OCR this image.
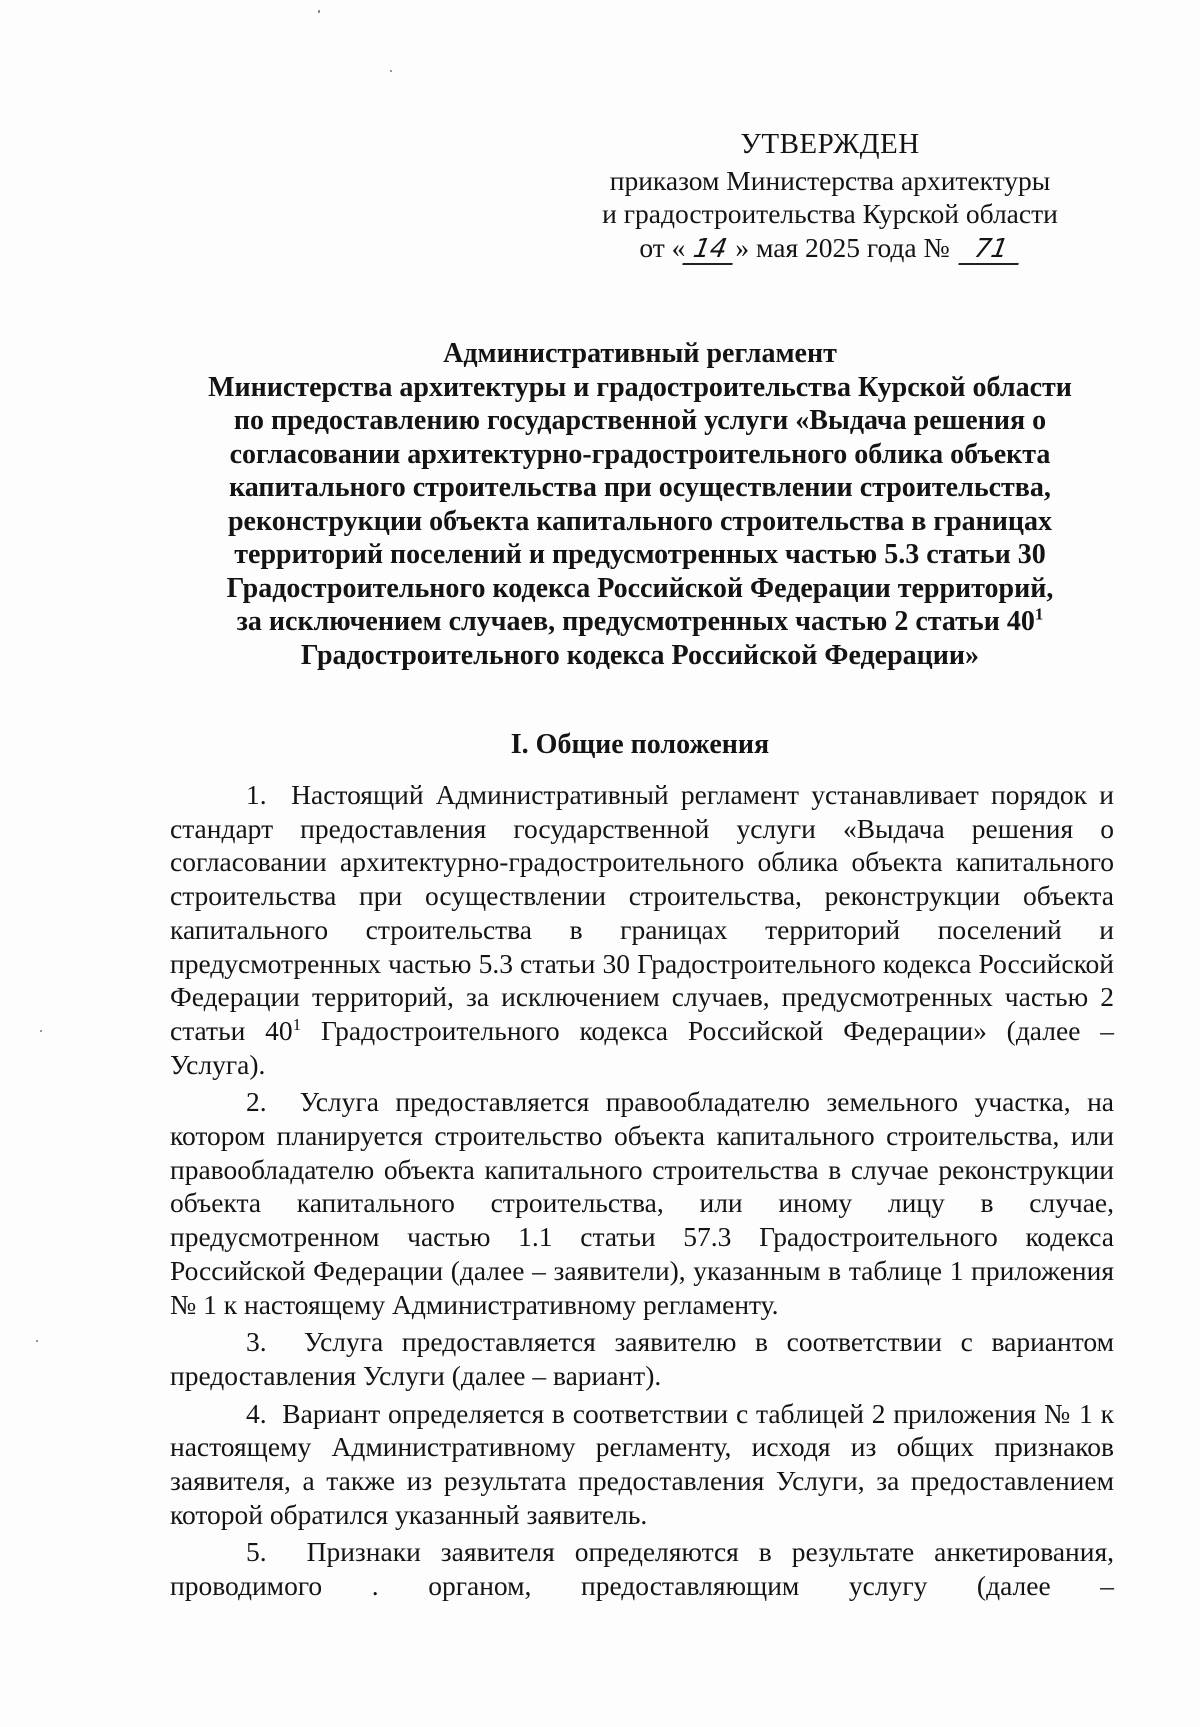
УТВЕРЖДЕН
приказом Министерства архитектуры
и градостроительства Курской области
от « 14 » мая 2025 года № 71
Административный регламент
Министерства архитектуры и градостроительства Курской области
по предоставлению государственной услуги «Выдача решения о
согласовании архитектурно-градостроительного облика объекта
капитального строительства при осуществлении строительства,
реконструкции объекта капитального строительства в границах
территорий поселений и предусмотренных частью 5.3 статьи 30
Градостроительного кодекса Российской Федерации территорий,
за исключением случаев, предусмотренных частью 2 статьи $40^1$
Градостроительного кодекса Российской Федерации»
I. Общие положения

1. Настоящий Административный регламент устанавливает порядок и стандарт предоставления государственной услуги «Выдача решения о согласовании архитектурно-градостроительного облика объекта капитального строительства при осуществлении строительства, реконструкции объекта капитального строительства в границах территорий поселений и предусмотренных частью 5.3 статьи 30 Градостроительного кодекса Российской Федерации территорий, за исключением случаев, предусмотренных частью 2 статьи $40^1$ Градостроительного кодекса Российской Федерации» (далее – Услуга).

2. Услуга предоставляется правообладателю земельного участка, на котором планируется строительство объекта капитального строительства, или правообладателю объекта капитального строительства в случае реконструкции объекта капитального строительства, или иному лицу в случае, предусмотренном частью 1.1 статьи 57.3 Градостроительного кодекса Российской Федерации (далее – заявители), указанным в таблице 1 приложения № 1 к настоящему Административному регламенту.

3. Услуга предоставляется заявителю в соответствии с вариантом предоставления Услуги (далее – вариант).

4. Вариант определяется в соответствии с таблицей 2 приложения № 1 к настоящему Административному регламенту, исходя из общих признаков заявителя, а также из результата предоставления Услуги, за предоставлением которой обратился указанный заявитель.

5. Признаки заявителя определяются в результате анкетирования, проводимого . органом, предоставляющим услугу (далее –
